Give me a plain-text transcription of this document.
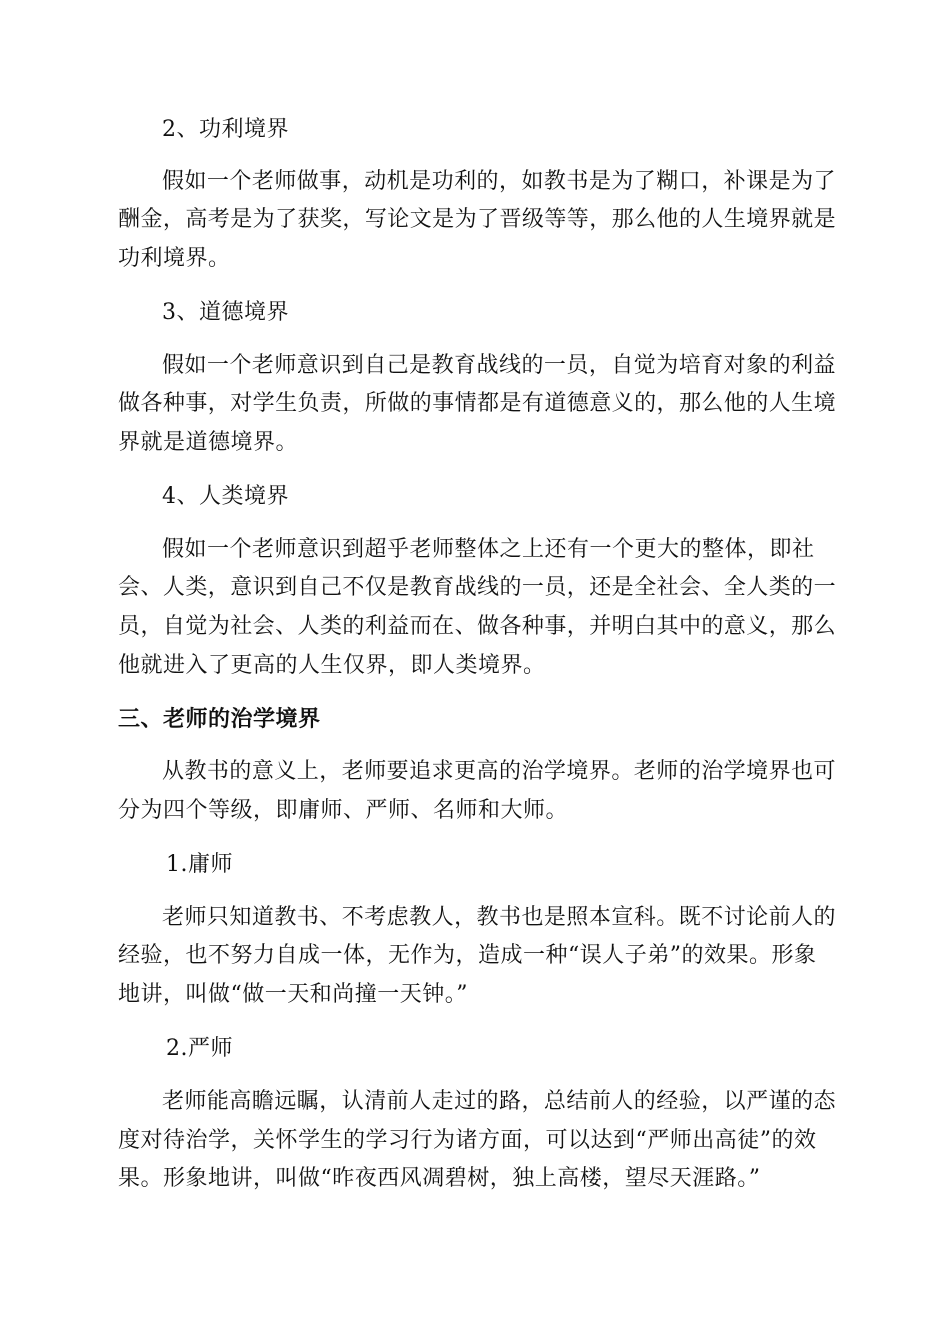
2、功利境界
假如一个老师做事，动机是功利的，如教书是为了糊口，补课是为了
酬金，高考是为了获奖，写论文是为了晋级等等，那么他的人生境界就是
功利境界。
3、道德境界
假如一个老师意识到自己是教育战线的一员，自觉为培育对象的利益
做各种事，对学生负责，所做的事情都是有道德意义的，那么他的人生境
界就是道德境界。
4、人类境界
假如一个老师意识到超乎老师整体之上还有一个更大的整体，即社
会、人类，意识到自己不仅是教育战线的一员，还是全社会、全人类的一
员，自觉为社会、人类的利益而在、做各种事，并明白其中的意义，那么
他就进入了更高的人生仅界，即人类境界。
三、老师的治学境界
从教书的意义上，老师要追求更高的治学境界。老师的治学境界也可
分为四个等级，即庸师、严师、名师和大师。
1.庸师
老师只知道教书、不考虑教人，教书也是照本宣科。既不讨论前人的
经验，也不努力自成一体，无作为，造成一种“误人子弟”的效果。形象
地讲，叫做“做一天和尚撞一天钟。”
2.严师
老师能高瞻远瞩，认清前人走过的路，总结前人的经验，以严谨的态
度对待治学，关怀学生的学习行为诸方面，可以达到“严师出高徒”的效
果。形象地讲，叫做“昨夜西风凋碧树，独上高楼，望尽天涯路。”
